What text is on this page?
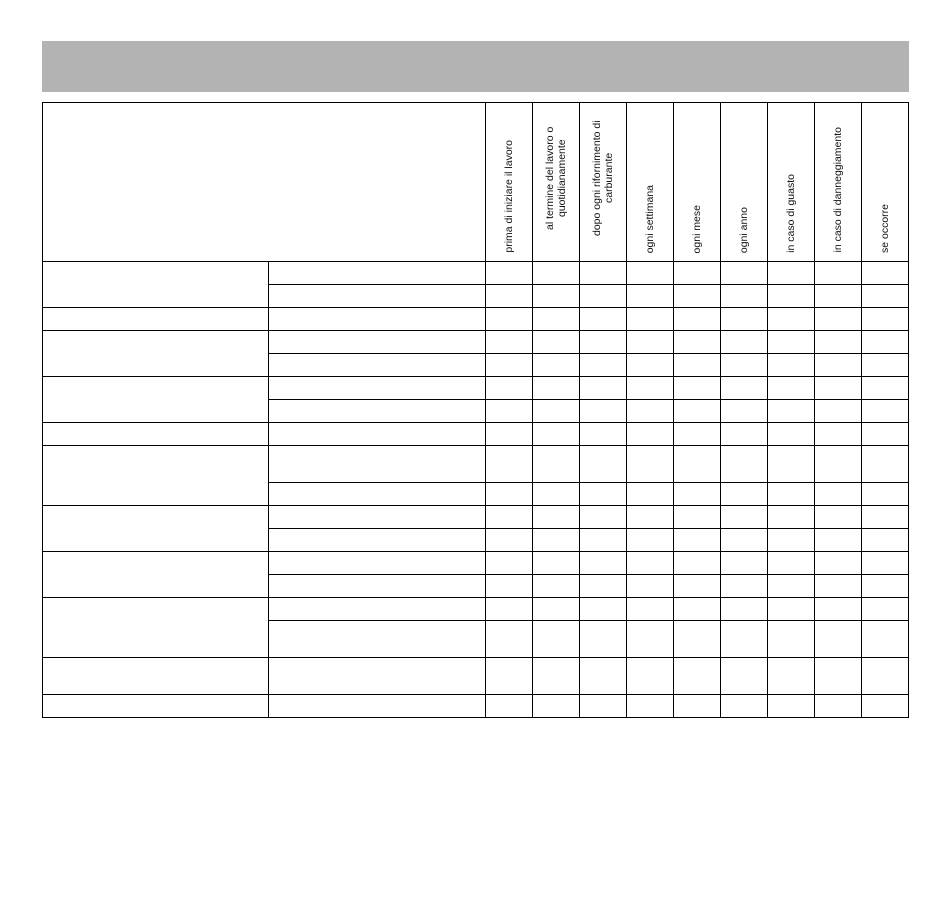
		prima di iniziare il lavoro	al termine del lavoro o quotidianamente	dopo ogni rifornimento di carburante	ogni settimana	ogni mese	ogni anno	in caso di guasto	in caso di danneggiamento	se occorre
